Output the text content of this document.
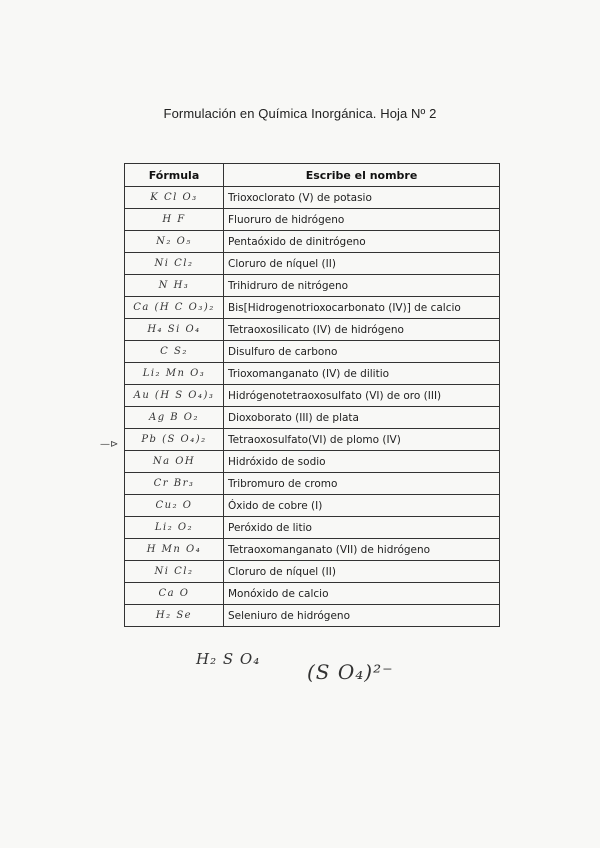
Formulación en Química Inorgánica. Hoja Nº 2
—⊳
Fórmula	Escribe el nombre
K Cl O₃	Trioxoclorato (V) de potasio
H F	Fluoruro de hidrógeno
N₂ O₅	Pentaóxido de dinitrógeno
Ni Cl₂	Cloruro de níquel (II)
N H₃	Trihidruro de nitrógeno
Ca (H C O₃)₂	Bis[Hidrogenotrioxocarbonato (IV)] de calcio
H₄ Si O₄	Tetraoxosilicato (IV) de hidrógeno
C S₂	Disulfuro de carbono
Li₂ Mn O₃	Trioxomanganato (IV) de dilitio
Au (H S O₄)₃	Hidrógenotetraoxosulfato (VI) de oro (III)
Ag B O₂	Dioxoborato (III) de plata
Pb (S O₄)₂	Tetraoxosulfato(VI) de plomo (IV)
Na OH	Hidróxido de sodio
Cr Br₃	Tribromuro de cromo
Cu₂ O	Óxido de cobre (I)
Li₂ O₂	Peróxido de litio
H Mn O₄	Tetraoxomanganato (VII) de hidrógeno
Ni Cl₂	Cloruro de níquel (II)
Ca O	Monóxido de calcio
H₂ Se	Seleniuro de hidrógeno
H₂ S O₄
(S O₄)²⁻
